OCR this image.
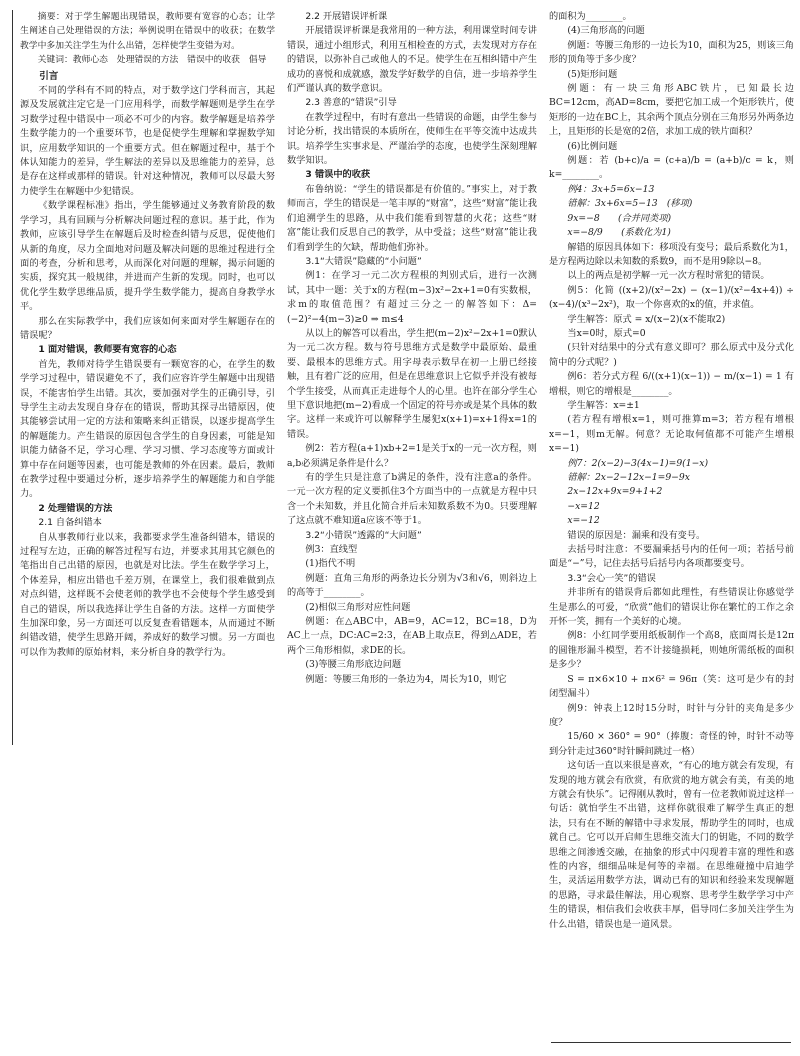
摘要：对于学生解题出现错误，教师要有宽容的心态；让学生阐述自己处理错误的方法；举例说明在错误中的收获；在数学教学中多加关注学生为什么出错，怎样使学生变错为对。

关键词：教师心态　处理错误的方法　错误中的收获　倡导

引言

不同的学科有不同的特点，对于数学这门学科而言，其起源及发展就注定它是一门应用科学，而数学解题则是学生在学习数学过程中错误中一项必不可少的内容。数学解题是培养学生数学能力的一个重要环节，也是促使学生理解和掌握数学知识，应用数学知识的一个重要方式。但在解题过程中，基于个体认知能力的差异，学生解法的差异以及思维能力的差异，总是存在这样或那样的错误。针对这种情况，教师可以尽最大努力使学生在解题中少犯错误。

《数学课程标准》指出，学生能够通过义务教育阶段的数学学习，具有回顾与分析解决问题过程的意识。基于此，作为教师，应该引导学生在解题后及时检查纠错与反思，促使他们从新的角度，尽力全面地对问题及解决问题的思维过程进行全面的考查，分析和思考，从而深化对问题的理解，揭示问题的实质，探究其一般规律，并进而产生新的发现。同时，也可以优化学生数学思维品质，提升学生数学能力，提高自身教学水平。

那么在实际教学中，我们应该如何来面对学生解题存在的错误呢？

1 面对错误，教师要有宽容的心态

首先，教师对待学生错误要有一颗宽容的心，在学生的数学学习过程中，错误避免不了，我们应容许学生解题中出现错误，不能害怕学生出错。其次，要加强对学生的正确引导，引导学生主动去发现自身存在的错误，帮助其探寻出错原因，使其能够尝试用一定的方法和策略来纠正错误，以逐步提高学生的解题能力。产生错误的原因包含学生的自身因素，可能是知识能力储备不足，学习心理、学习习惯、学习态度等方面或计算中存在问题等因素，也可能是教师的外在因素。最后，教师在教学过程中要通过分析，逐步培养学生的解题能力和自学能力。

2 处理错误的方法
2.1 自备纠错本

自从事教师行业以来，我都要求学生准备纠错本，错误的过程写左边，正确的解答过程写右边，并要求其用其它颜色的笔指出自己出错的原因，也就是对比法。学生在数学学习上，个体差异，相应出错也千差万别，在课堂上，我们很难做到点对点纠错，这样既不会使老师的教学也不会使每个学生感受到自己的错误，所以我选择让学生自备的方法。这样一方面使学生加深印象，另一方面还可以反复查看错题本，从而通过不断纠错改错，使学生思路开阔，养成好的数学习惯。另一方面也可以作为教师的原始材料，来分析自身的教学行为。

2.2 开展错误评析课

开展错误评析课是我常用的一种方法，利用课堂时间专讲错误，通过小组形式，利用互相检查的方式，去发现对方存在的错误，以弥补自己或他人的不足。使学生在互相纠错中产生成功的喜悦和成就感，激发学好数学的自信，进一步培养学生们严谨认真的数学意识。

2.3 善意的“错误”引导

在教学过程中，有时有意出一些错误的命题，由学生参与讨论分析，找出错误的本质所在，使师生在平等交流中达成共识。培养学生实事求是、严谨治学的态度，也使学生深刻理解数学知识。

3 错误中的收获

布鲁纳说：“学生的错误都是有价值的。”事实上，对于教师而言，学生的错误是一笔丰厚的“财富”，这些“财富”能让我们追溯学生的思路，从中我们能看到智慧的火花；这些“财富”能让我们反思自己的教学，从中受益；这些“财富”能让我们看到学生的欠缺，帮助他们弥补。

3.1“大错误”隐藏的“小问题”

例1：在学习一元二次方程根的判别式后，进行一次测试，其中一题：关于x的方程(m−3)x²−2x+1=0有实数根，求m的取值范围？有超过三分之一的解答如下：Δ=(−2)²−4(m−3)≥0 ⇒ m≤4

从以上的解答可以看出，学生把(m−2)x²−2x+1=0默认为一元二次方程。数与符号思维方式是数学中最原始、最重要、最根本的思维方式。用字母表示数早在初一上册已经接触，且有着广泛的应用，但是在思维意识上它似乎并没有被每个学生接受，从而真正走进每个人的心里。也许在部分学生心里下意识地把(m−2)看成一个固定的符号亦或是某个具体的数字。这样一来或许可以解释学生屡犯x(x+1)=x+1得x=1的错误。

例2：若方程(a+1)xb+2=1是关于x的一元一次方程，则a,b必须满足条件是什么？

有的学生只是注意了b满足的条件，没有注意a的条件。一元一次方程的定义要抓住3个方面当中的一点就是方程中只含一个未知数，并且化简合并后未知数系数不为0。只要理解了这点就不难知道a应该不等于1。

3.2“小错误”透露的“大问题”

例3：直线型

(1)指代不明

例题：直角三角形的两条边长分别为√3和√6，则斜边上的高等于________。

(2)相似三角形对应性问题

例题：在△ABC中，AB=9，AC=12，BC=18，D为AC上一点，DC:AC=2:3，在AB上取点E，得到△ADE，若两个三角形相似，求DE的长。

(3)等腰三角形底边问题

例题：等腰三角形的一条边为4，周长为10，则它

的面积为________。

(4)三角形高的问题

例题：等腰三角形的一边长为10，面积为25，则该三角形的顶角等于多少度？

(5)矩形问题

例题：有一块三角形ABC铁片，已知最长边BC=12cm，高AD=8cm，要把它加工成一个矩形铁片，使矩形的一边在BC上，其余两个顶点分别在三角形另外两条边上，且矩形的长是宽的2倍，求加工成的铁片面积？

(6)比例问题

例题：若 (b+c)/a = (c+a)/b = (a+b)/c = k，则 k=________。

例4：3x+5=6x−13

错解：3x+6x=5−13　(移项)

9x=−8　　(合并同类项)

x=−8/9　　(系数化为1)

解错的原因具体如下：移项没有变号；最后系数化为1，是方程两边除以未知数的系数9，而不是用9除以−8。

以上的两点是初学解一元一次方程时常犯的错误。

例5：化简 ((x+2)/(x²−2x) − (x−1)/(x²−4x+4)) ÷ (x−4)/(x³−2x²)，取一个你喜欢的x的值，并求值。

学生解答：原式 = x/(x−2)(x不能取2)

当x=0时，原式=0

(只针对结果中的分式有意义即可？那么原式中及分式化简中的分式呢？)

例6：若分式方程 6/((x+1)(x−1)) − m/(x−1) = 1 有增根，则它的增根是________。

学生解答：x=±1

(若方程有增根x=1，则可推算m=3；若方程有增根x=−1，则m无解。何意？无论取何值都不可能产生增根x=−1)

例7：2(x−2)−3(4x−1)=9(1−x)

错解：2x−2−12x−1=9−9x

2x−12x+9x=9+1+2

−x=12

x=−12

错误的原因是：漏乘和没有变号。

去括号时注意：不要漏乘括号内的任何一项；若括号前面是“−”号，记住去括号后括号内各项都要变号。

3.3“会心一笑”的错误

并非所有的错误背后都如此理性，有些错误让你感觉学生是那么的可爱，“欣赏”他们的错误让你在繁忙的工作之余开怀一笑，拥有一个美好的心境。

例8：小红同学要用纸板制作一个高8，底面周长是12π的圆锥形漏斗模型，若不计接缝损耗，则她所需纸板的面积是多少？

S = π×6×10 + π×6² = 96π（笑：这可是少有的封闭型漏斗）

例9：钟表上12时15分时，时针与分针的夹角是多少度？

15/60 × 360° = 90°（捧腹：奇怪的钟，时针不动等到分针走过360°时针瞬间跳过一格）

这句话一直以来很是喜欢，“有心的地方就会有发现，有发现的地方就会有欣赏，有欣赏的地方就会有美，有美的地方就会有快乐”。记得刚从教时，曾有一位老教师说过这样一句话：就怕学生不出错，这样你就很难了解学生真正的想法，只有在不断的解错中寻求发展，帮助学生的同时，也成就自己。它可以开启师生思维交流大门的钥匙，不同的数学思维之间渗透交融，在抽象的形式中闪现着丰富的理性和惑性的内容，细细品味是何等的幸福。在思维碰撞中启迪学生，灵活运用数学方法，调动已有的知识和经验来发现解题的思路，寻求最佳解法，用心观察、思考学生数学学习中产生的错误，相信我们会收获丰厚，倡导同仁多加关注学生为什么出错，错误也是一道风景。
